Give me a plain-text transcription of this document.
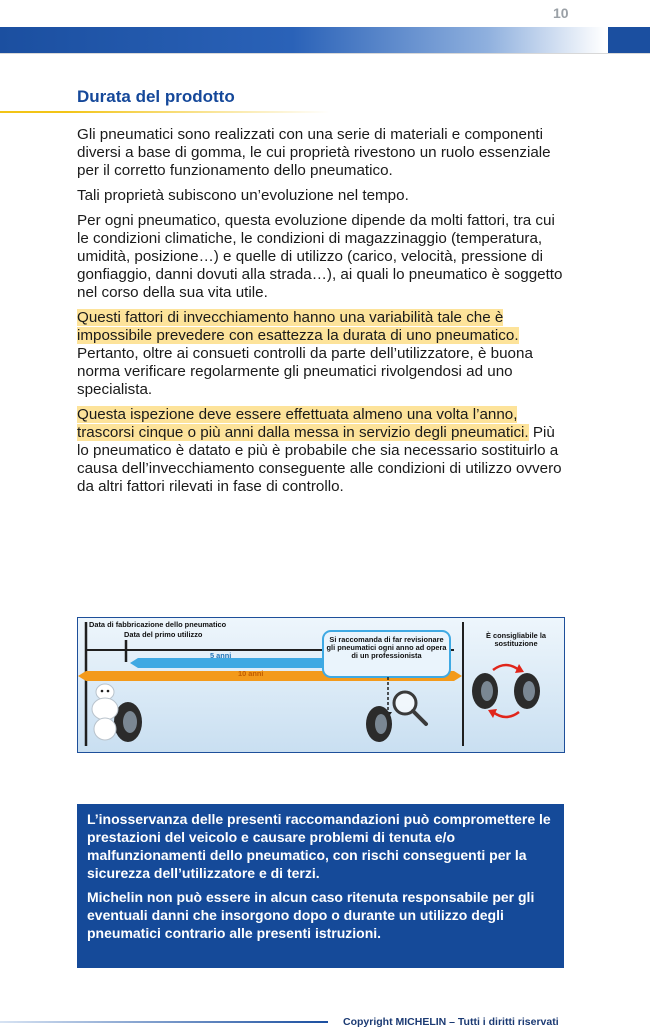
10
Durata del prodotto

Gli pneumatici sono realizzati con una serie di materiali e componenti diversi a base di gomma, le cui proprietà rivestono un ruolo essenziale per il corretto funzionamento dello pneumatico.

Tali proprietà subiscono un’evoluzione nel tempo.

Per ogni pneumatico, questa evoluzione dipende da molti fattori, tra cui le condizioni climatiche, le condizioni di magazzinaggio (temperatura, umidità, posizione…) e quelle di utilizzo (carico, velocità, pressione di gonfiaggio, danni dovuti alla strada…), ai quali lo pneumatico è soggetto nel corso della sua vita utile.

Questi fattori di invecchiamento hanno una variabilità tale che è impossibile prevedere con esattezza la durata di uno pneumatico. Pertanto, oltre ai consueti controlli da parte dell’utilizzatore, è buona norma verificare regolarmente gli pneumatici rivolgendosi ad uno specialista.

Questa ispezione deve essere effettuata almeno una volta l’anno, trascorsi cinque o più anni dalla messa in servizio degli pneumatici. Più lo pneumatico è datato e più è probabile che sia necessario sostituirlo a causa dell’invecchiamento conseguente alle condizioni di utilizzo ovvero da altri fattori rilevati in fase di controllo.

Data di fabbricazione dello pneumatico
Data del primo utilizzo
5 anni
10 anni
Si raccomanda di far revisionare gli pneumatici ogni anno ad opera di un professionista
È consigliabile la sostituzione

L’inosservanza delle presenti raccomandazioni può compromettere le prestazioni del veicolo e causare problemi di tenuta e/o malfunzionamenti dello pneumatico, con rischi conseguenti per la sicurezza dell’utilizzatore e di terzi.

Michelin non può essere in alcun caso ritenuta responsabile per gli eventuali danni che insorgono dopo o durante un utilizzo degli pneumatici contrario alle presenti istruzioni.

Copyright MICHELIN – Tutti i diritti riservati
